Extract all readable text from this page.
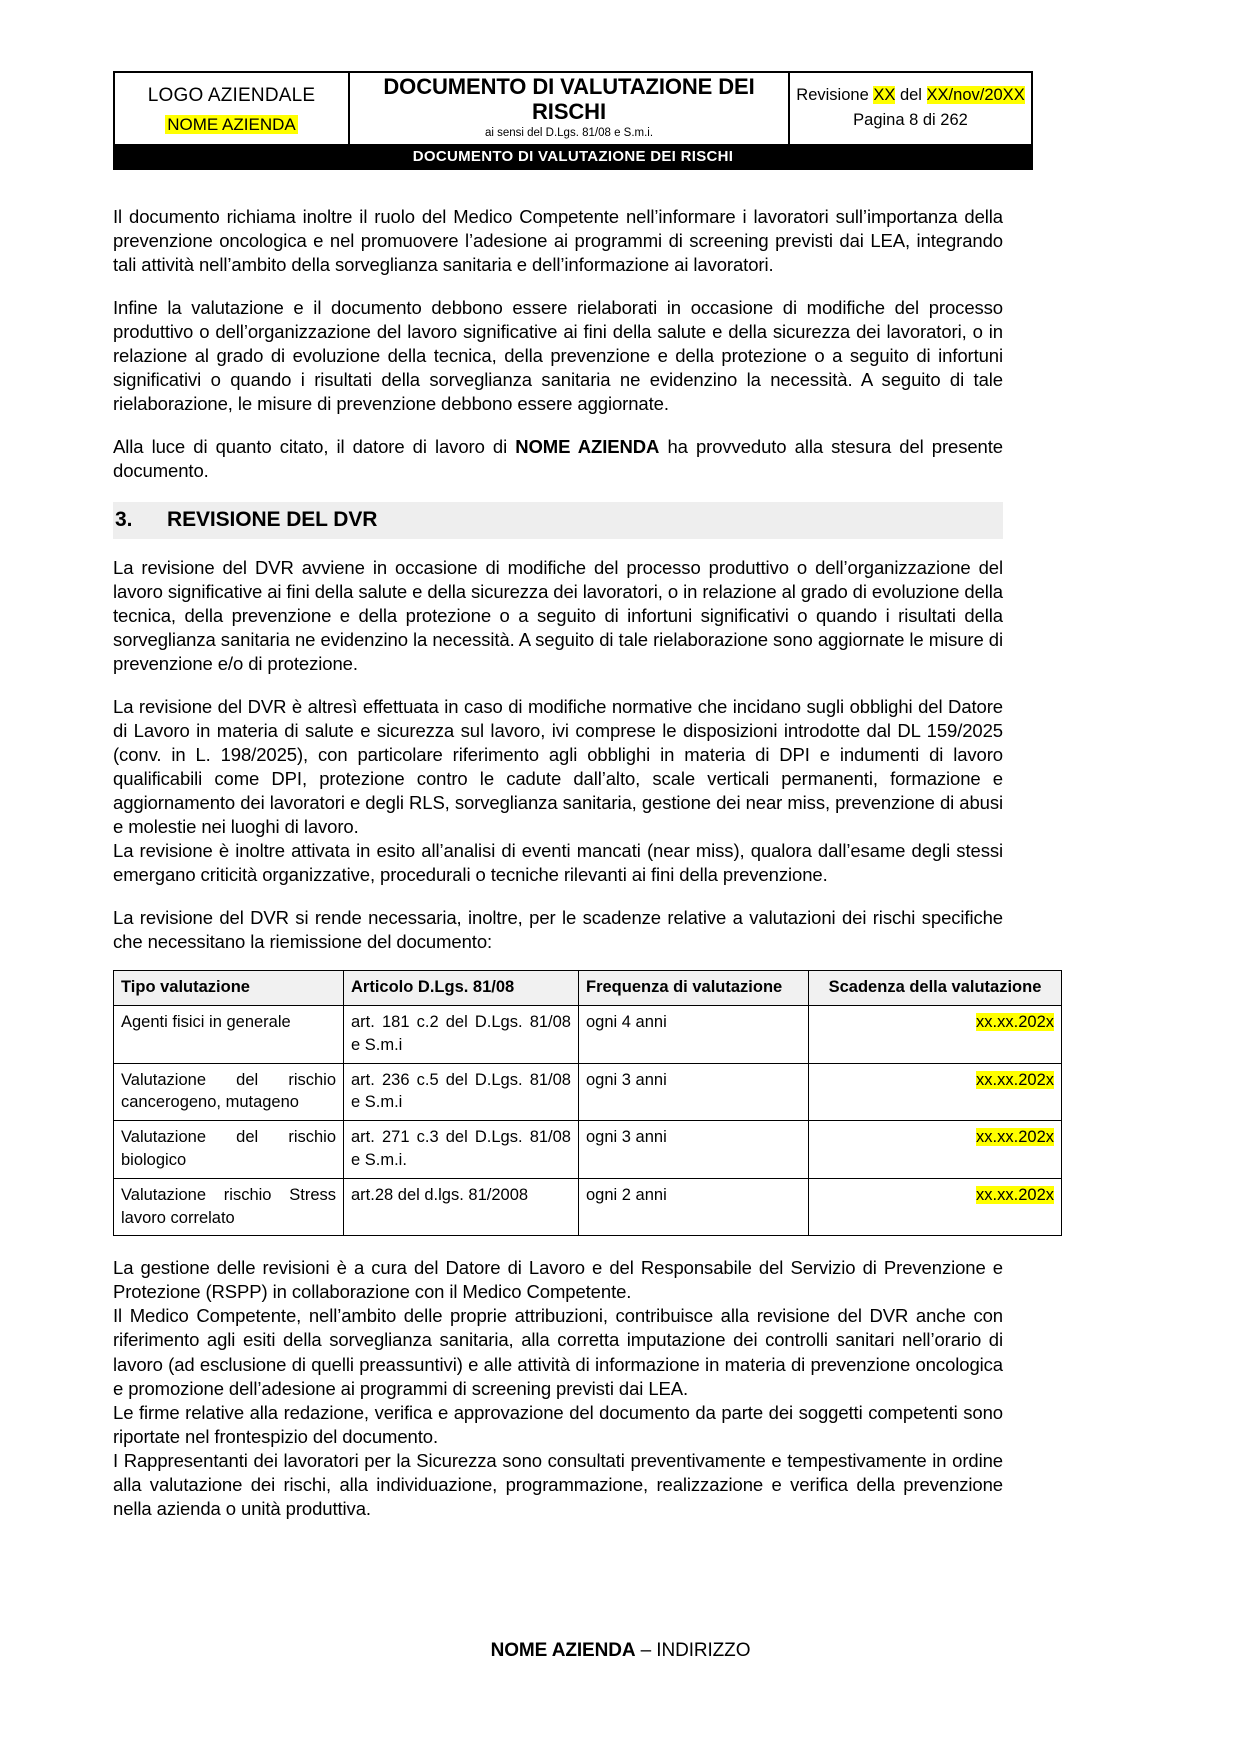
LOGO AZIENDALE
NOME AZIENDA

DOCUMENTO DI VALUTAZIONE DEI RISCHI
ai sensi del D.Lgs. 81/08 e S.m.i.

Revisione XX del XX/nov/20XX
Pagina 8 di 262

DOCUMENTO DI VALUTAZIONE DEI RISCHI

Il documento richiama inoltre il ruolo del Medico Competente nell’informare i lavoratori sull’importanza della prevenzione oncologica e nel promuovere l’adesione ai programmi di screening previsti dai LEA, integrando tali attività nell’ambito della sorveglianza sanitaria e dell’informazione ai lavoratori.

Infine la valutazione e il documento debbono essere rielaborati in occasione di modifiche del processo produttivo o dell’organizzazione del lavoro significative ai fini della salute e della sicurezza dei lavoratori, o in relazione al grado di evoluzione della tecnica, della prevenzione e della protezione o a seguito di infortuni significativi o quando i risultati della sorveglianza sanitaria ne evidenzino la necessità. A seguito di tale rielaborazione, le misure di prevenzione debbono essere aggiornate.

Alla luce di quanto citato, il datore di lavoro di NOME AZIENDA ha provveduto alla stesura del presente documento.

3.	REVISIONE DEL DVR

La revisione del DVR avviene in occasione di modifiche del processo produttivo o dell’organizzazione del lavoro significative ai fini della salute e della sicurezza dei lavoratori, o in relazione al grado di evoluzione della tecnica, della prevenzione e della protezione o a seguito di infortuni significativi o quando i risultati della sorveglianza sanitaria ne evidenzino la necessità. A seguito di tale rielaborazione sono aggiornate le misure di prevenzione e/o di protezione.

La revisione del DVR è altresì effettuata in caso di modifiche normative che incidano sugli obblighi del Datore di Lavoro in materia di salute e sicurezza sul lavoro, ivi comprese le disposizioni introdotte dal DL 159/2025 (conv. in L. 198/2025), con particolare riferimento agli obblighi in materia di DPI e indumenti di lavoro qualificabili come DPI, protezione contro le cadute dall’alto, scale verticali permanenti, formazione e aggiornamento dei lavoratori e degli RLS, sorveglianza sanitaria, gestione dei near miss, prevenzione di abusi e molestie nei luoghi di lavoro.

La revisione è inoltre attivata in esito all’analisi di eventi mancati (near miss), qualora dall’esame degli stessi emergano criticità organizzative, procedurali o tecniche rilevanti ai fini della prevenzione.

La revisione del DVR si rende necessaria, inoltre, per le scadenze relative a valutazioni dei rischi specifiche che necessitano la riemissione del documento:

Tipo valutazione	Articolo D.Lgs. 81/08	Frequenza di valutazione	Scadenza della valutazione
Agenti fisici in generale	art. 181 c.2 del D.Lgs. 81/08 e S.m.i	ogni 4 anni	xx.xx.202x
Valutazione del rischio cancerogeno, mutageno	art. 236 c.5 del D.Lgs. 81/08 e S.m.i	ogni 3 anni	xx.xx.202x
Valutazione del rischio biologico	art. 271 c.3 del D.Lgs. 81/08 e S.m.i.	ogni 3 anni	xx.xx.202x
Valutazione rischio Stress lavoro correlato	art.28 del d.lgs. 81/2008	ogni 2 anni	xx.xx.202x

La gestione delle revisioni è a cura del Datore di Lavoro e del Responsabile del Servizio di Prevenzione e Protezione (RSPP) in collaborazione con il Medico Competente.

Il Medico Competente, nell’ambito delle proprie attribuzioni, contribuisce alla revisione del DVR anche con riferimento agli esiti della sorveglianza sanitaria, alla corretta imputazione dei controlli sanitari nell’orario di lavoro (ad esclusione di quelli preassuntivi) e alle attività di informazione in materia di prevenzione oncologica e promozione dell’adesione ai programmi di screening previsti dai LEA.

Le firme relative alla redazione, verifica e approvazione del documento da parte dei soggetti competenti sono riportate nel frontespizio del documento.

I Rappresentanti dei lavoratori per la Sicurezza sono consultati preventivamente e tempestivamente in ordine alla valutazione dei rischi, alla individuazione, programmazione, realizzazione e verifica della prevenzione nella azienda o unità produttiva.

NOME AZIENDA – INDIRIZZO
